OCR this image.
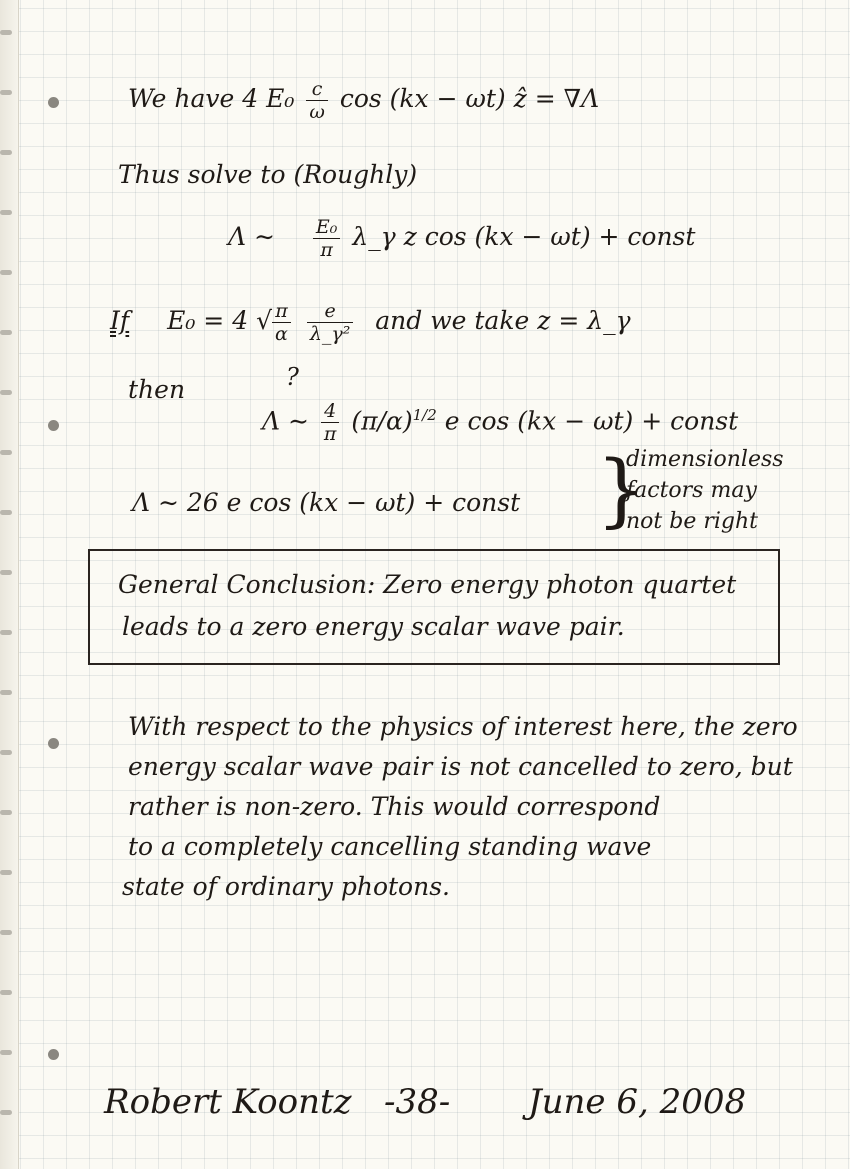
We have 4 $E_0 \frac{c}{\omega}$ cos (kx − ωt) ẑ = ∇Λ
Thus solve to (Roughly)
Λ ∼ $\frac{\text{E₀}}{\pi}$ λ_γ z cos (kx − ωt) + const
If E₀ = 4 √ $\frac{\pi}{\alpha}$
$\frac{e}{\text{λ\_γ²}}$ and we take z = λ_γ
then	?
Λ ∼ $\frac{4}{\pi} (\pi/\alpha)^{1/2}$ e cos (kx − ωt) + const
Λ ∼ 26 e cos (kx − ωt) + const }
dimensionless
factors may
not be right
General Conclusion: Zero energy photon quartet
leads to a zero energy scalar wave pair.
With respect to the physics of interest here, the zero
energy scalar wave pair is not cancelled to zero, but
rather is non-zero. This would correspond
to a completely cancelling standing wave
state of ordinary photons.
Robert Koontz -38- June 6, 2008
